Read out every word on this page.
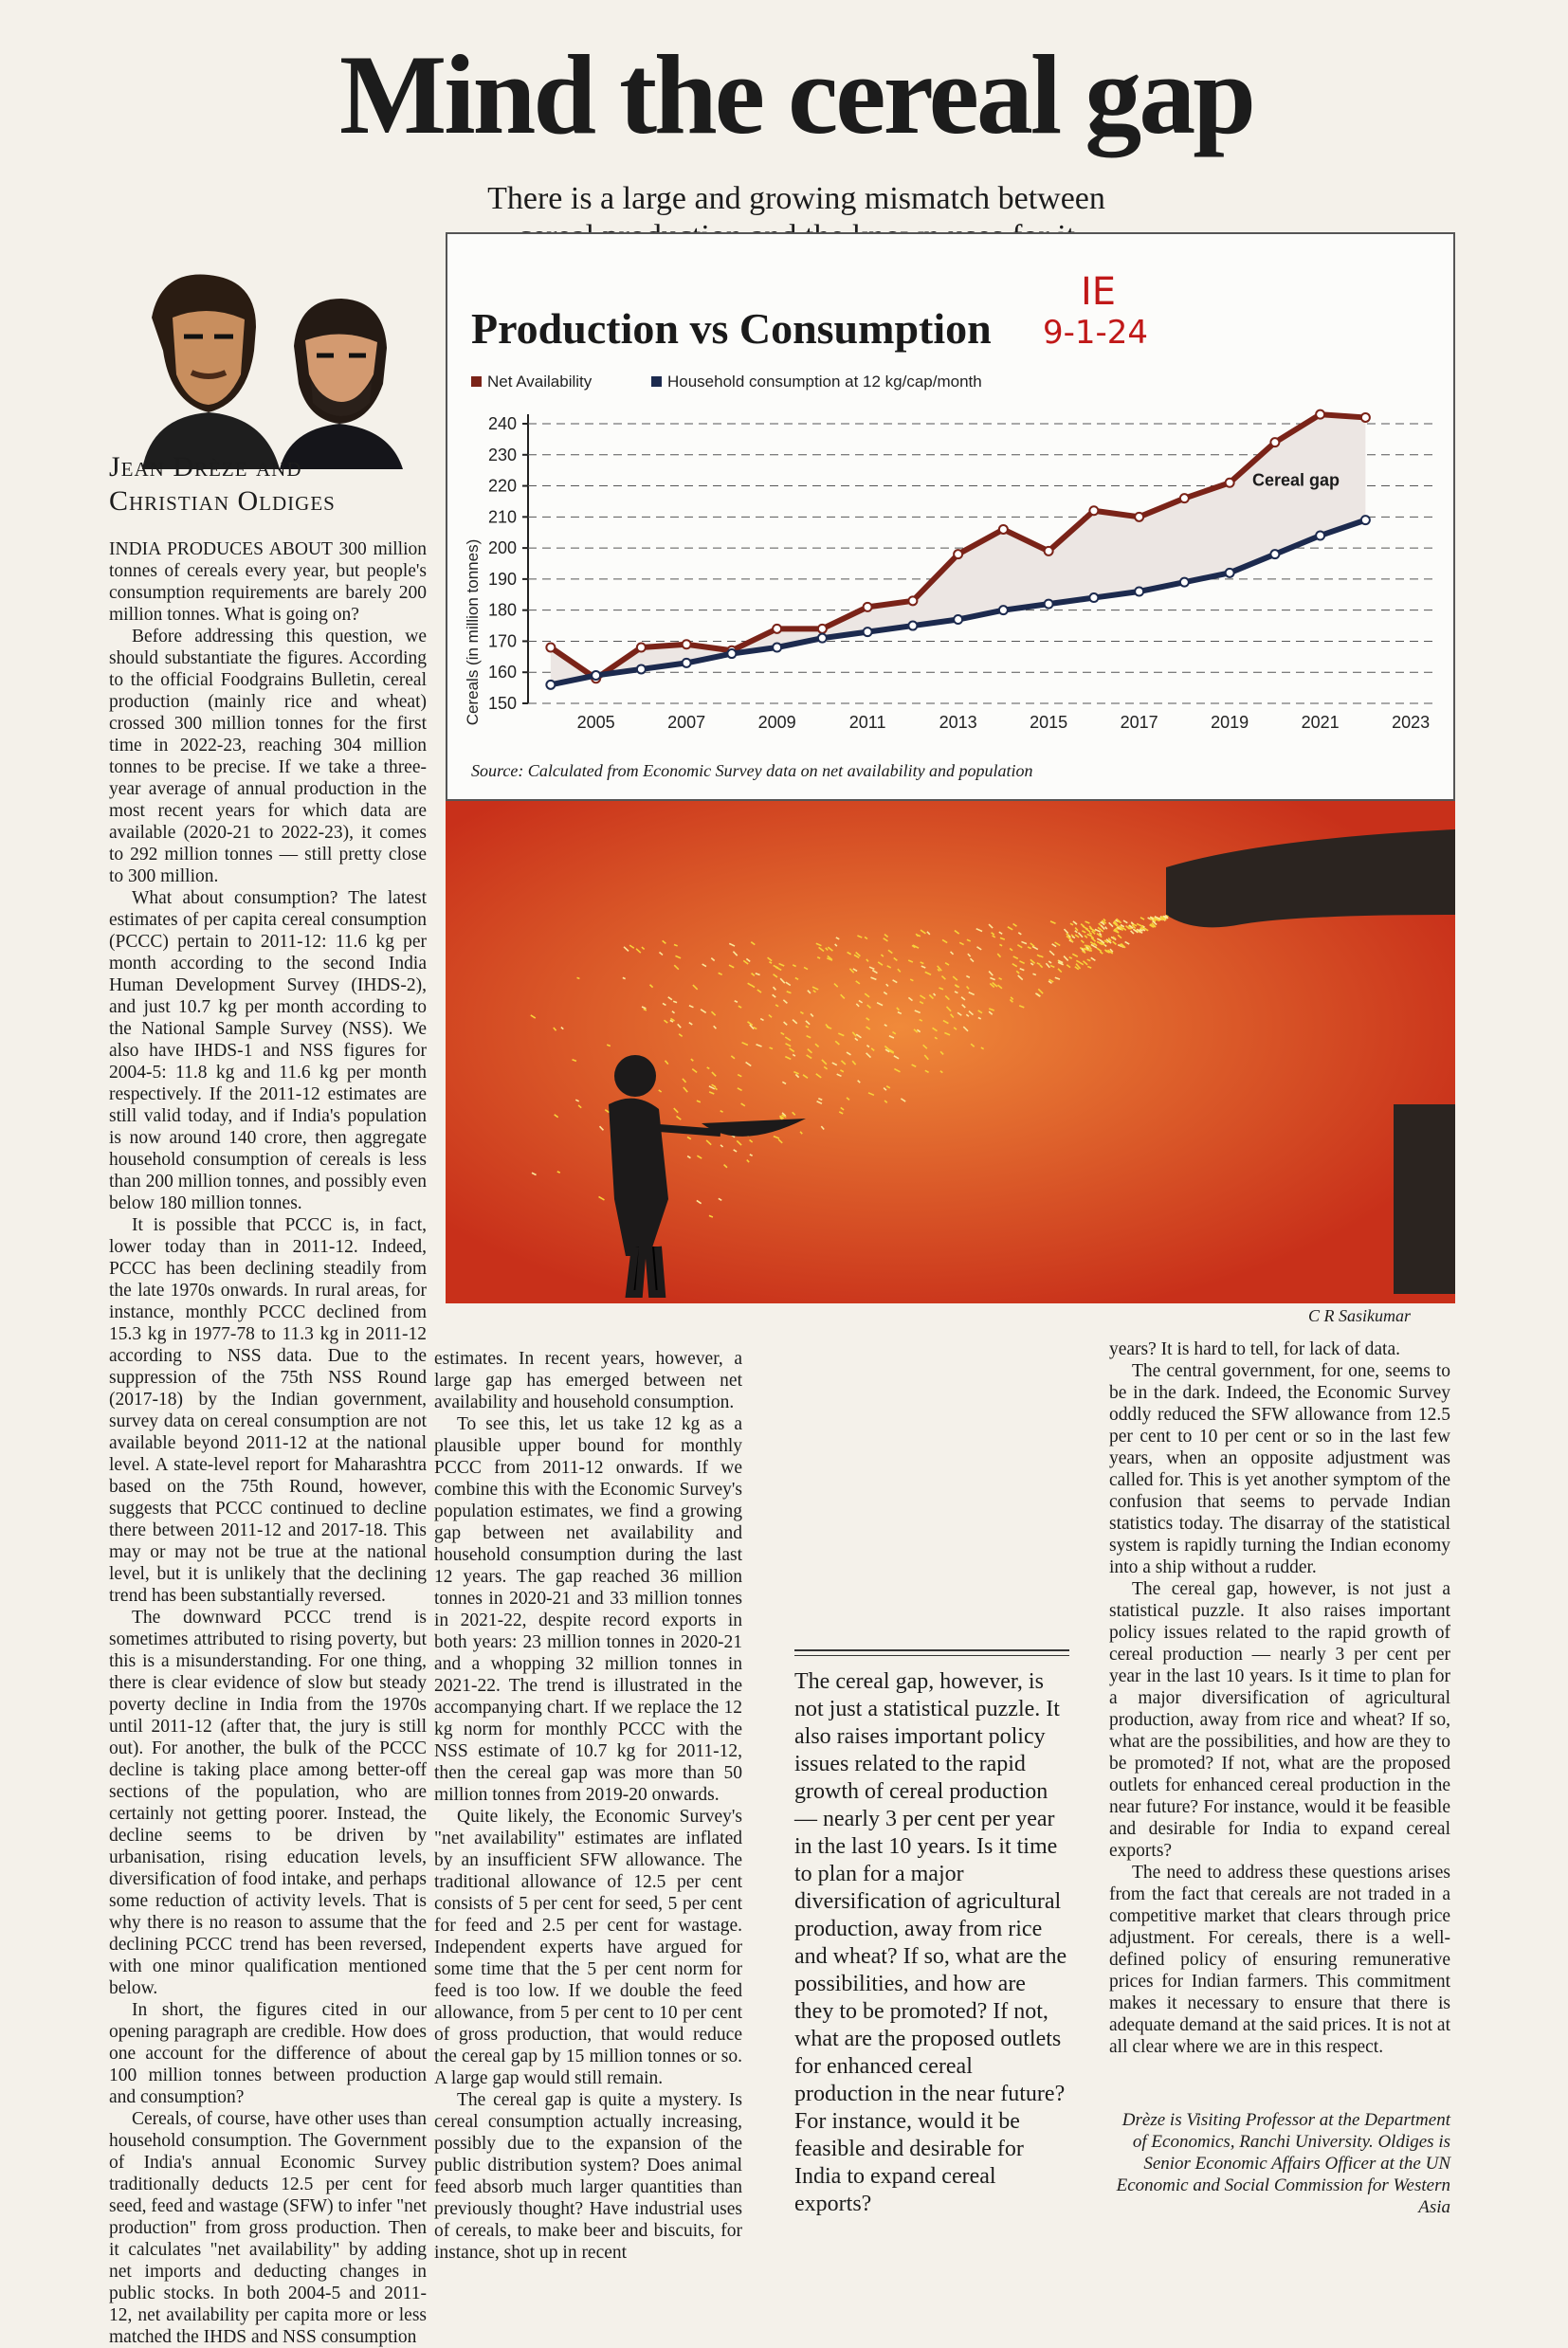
Mind the cereal gap
There is a large and growing mismatch between
Jean Drèze and
Christian Oldiges

INDIA PRODUCES ABOUT 300 million tonnes of cereals every year, but people's consumption requirements are barely 200 million tonnes. What is going on?

Before addressing this question, we should substantiate the figures. According to the official Foodgrains Bulletin, cereal production (mainly rice and wheat) crossed 300 million tonnes for the first time in 2022-23, reaching 304 million tonnes to be precise. If we take a three-year average of annual production in the most recent years for which data are available (2020-21 to 2022-23), it comes to 292 million tonnes — still pretty close to 300 million.

What about consumption? The latest estimates of per capita cereal consumption (PCCC) pertain to 2011-12: 11.6 kg per month according to the second India Human Development Survey (IHDS-2), and just 10.7 kg per month according to the National Sample Survey (NSS). We also have IHDS-1 and NSS figures for 2004-5: 11.8 kg and 11.6 kg per month respectively. If the 2011-12 estimates are still valid today, and if India's population is now around 140 crore, then aggregate household consumption of cereals is less than 200 million tonnes, and possibly even below 180 million tonnes.

It is possible that PCCC is, in fact, lower today than in 2011-12. Indeed, PCCC has been declining steadily from the late 1970s onwards. In rural areas, for instance, monthly PCCC declined from 15.3 kg in 1977-78 to 11.3 kg in 2011-12 according to NSS data. Due to the suppression of the 75th NSS Round (2017-18) by the Indian government, survey data on cereal consumption are not available beyond 2011-12 at the national level. A state-level report for Maharashtra based on the 75th Round, however, suggests that PCCC continued to decline there between 2011-12 and 2017-18. This may or may not be true at the national level, but it is unlikely that the declining trend has been substantially reversed.

The downward PCCC trend is sometimes attributed to rising poverty, but this is a misunderstanding. For one thing, there is clear evidence of slow but steady poverty decline in India from the 1970s until 2011-12 (after that, the jury is still out). For another, the bulk of the PCCC decline is taking place among better-off sections of the population, who are certainly not getting poorer. Instead, the decline seems to be driven by urbanisation, rising education levels, diversification of food intake, and perhaps some reduction of activity levels. That is why there is no reason to assume that the declining PCCC trend has been reversed, with one minor qualification mentioned below.

In short, the figures cited in our opening paragraph are credible. How does one account for the difference of about 100 million tonnes between production and consumption?

Cereals, of course, have other uses than household consumption. The Government of India's annual Economic Survey traditionally deducts 12.5 per cent for seed, feed and wastage (SFW) to infer "net production" from gross production. Then it calculates "net availability" by adding net imports and deducting changes in public stocks. In both 2004-5 and 2011-12, net availability per capita more or less matched the IHDS and NSS consumption

Production vs Consumption
Net Availability	Household consumption at 12 kg/cap/month
Cereals (in million tonnes) 150
160
170
180
190
200
210
220
230
240
2005	2007	2009	2011	2013	2015	2017	2019	2021	2023
Cereal gap
Source: Calculated from Economic Survey data on net availability and population
IE
9-1-24
C R Sasikumar

estimates. In recent years, however, a large gap has emerged between net availability and household consumption.

To see this, let us take 12 kg as a plausible upper bound for monthly PCCC from 2011-12 onwards. If we combine this with the Economic Survey's population estimates, we find a growing gap between net availability and household consumption during the last 12 years. The gap reached 36 million tonnes in 2020-21 and 33 million tonnes in 2021-22, despite record exports in both years: 23 million tonnes in 2020-21 and a whopping 32 million tonnes in 2021-22. The trend is illustrated in the accompanying chart. If we replace the 12 kg norm for monthly PCCC with the NSS estimate of 10.7 kg for 2011-12, then the cereal gap was more than 50 million tonnes from 2019-20 onwards.

Quite likely, the Economic Survey's "net availability" estimates are inflated by an insufficient SFW allowance. The traditional allowance of 12.5 per cent consists of 5 per cent for seed, 5 per cent for feed and 2.5 per cent for wastage. Independent experts have argued for some time that the 5 per cent norm for feed is too low. If we double the feed allowance, from 5 per cent to 10 per cent of gross production, that would reduce the cereal gap by 15 million tonnes or so. A large gap would still remain.

The cereal gap is quite a mystery. Is cereal consumption actually increasing, possibly due to the expansion of the public distribution system? Does animal feed absorb much larger quantities than previously thought? Have industrial uses of cereals, to make beer and biscuits, for instance, shot up in recent

The cereal gap, however, is not just a statistical puzzle. It also raises important policy issues related to the rapid growth of cereal production — nearly 3 per cent per year in the last 10 years. Is it time to plan for a major diversification of agricultural production, away from rice and wheat? If so, what are the possibilities, and how are they to be promoted? If not, what are the proposed outlets for enhanced cereal production in the near future? For instance, would it be feasible and desirable for India to expand cereal exports?

years? It is hard to tell, for lack of data.

The central government, for one, seems to be in the dark. Indeed, the Economic Survey oddly reduced the SFW allowance from 12.5 per cent to 10 per cent or so in the last few years, when an opposite adjustment was called for. This is yet another symptom of the confusion that seems to pervade Indian statistics today. The disarray of the statistical system is rapidly turning the Indian economy into a ship without a rudder.

The cereal gap, however, is not just a statistical puzzle. It also raises important policy issues related to the rapid growth of cereal production — nearly 3 per cent per year in the last 10 years. Is it time to plan for a major diversification of agricultural production, away from rice and wheat? If so, what are the possibilities, and how are they to be promoted? If not, what are the proposed outlets for enhanced cereal production in the near future? For instance, would it be feasible and desirable for India to expand cereal exports?

The need to address these questions arises from the fact that cereals are not traded in a competitive market that clears through price adjustment. For cereals, there is a well-defined policy of ensuring remunerative prices for Indian farmers. This commitment makes it necessary to ensure that there is adequate demand at the said prices. It is not at all clear where we are in this respect.

Drèze is Visiting Professor at the Department of Economics, Ranchi University. Oldiges is Senior Economic Affairs Officer at the UN Economic and Social Commission for Western Asia
